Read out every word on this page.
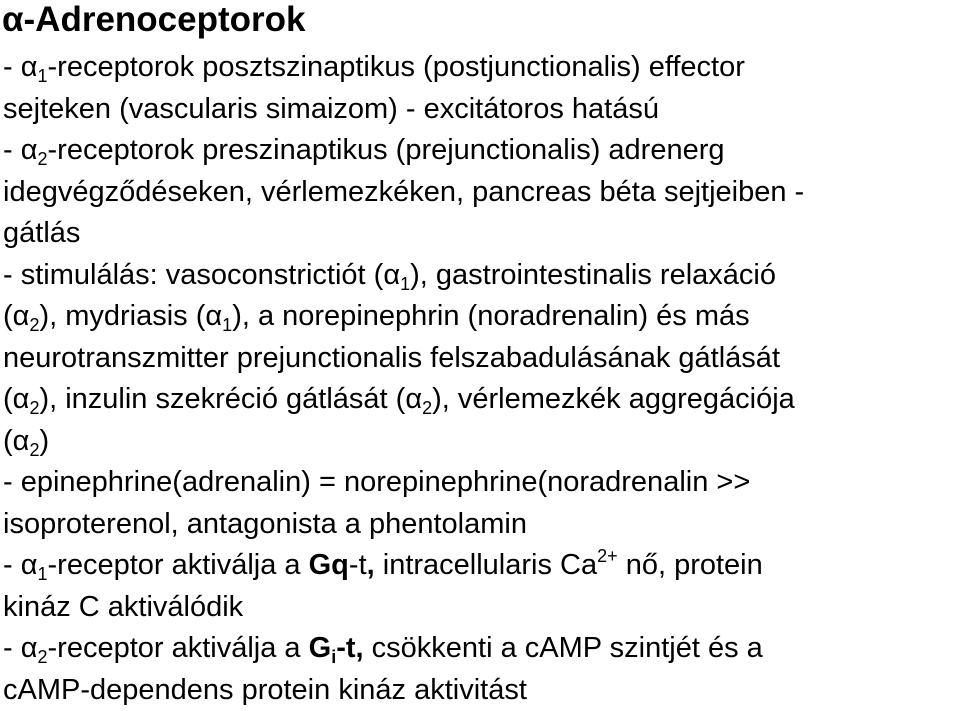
α-Adrenoceptorok
- $\alpha_1$-receptorok posztszinaptikus (postjunctionalis) effector
sejteken (vascularis simaizom) - excitátoros hatású
- $\alpha_2$-receptorok preszinaptikus (prejunctionalis) adrenerg
idegvégződéseken, vérlemezkéken, pancreas béta sejtjeiben -
gátlás
- stimulálás: vasoconstrictiót $(\alpha_1)$, gastrointestinalis relaxáció
$(\alpha_2)$, mydriasis $(\alpha_1)$, a norepinephrin (noradrenalin) és más
neurotranszmitter prejunctionalis felszabadulásának gátlását
$(\alpha_2)$, inzulin szekréció gátlását $(\alpha_2)$, vérlemezkék aggregációja
$(\alpha_2)$
- epinephrine(adrenalin) = norepinephrine(noradrenalin >>
isoproterenol, antagonista a phentolamin
- $\alpha_1$-receptor aktiválja a Gq-t, intracellularis $Ca^{2+}$ nő, protein
kináz C aktiválódik
- $\alpha_2$-receptor aktiválja a $G_i-t$, csökkenti a cAMP szintjét és a
cAMP-dependens protein kináz aktivitást
